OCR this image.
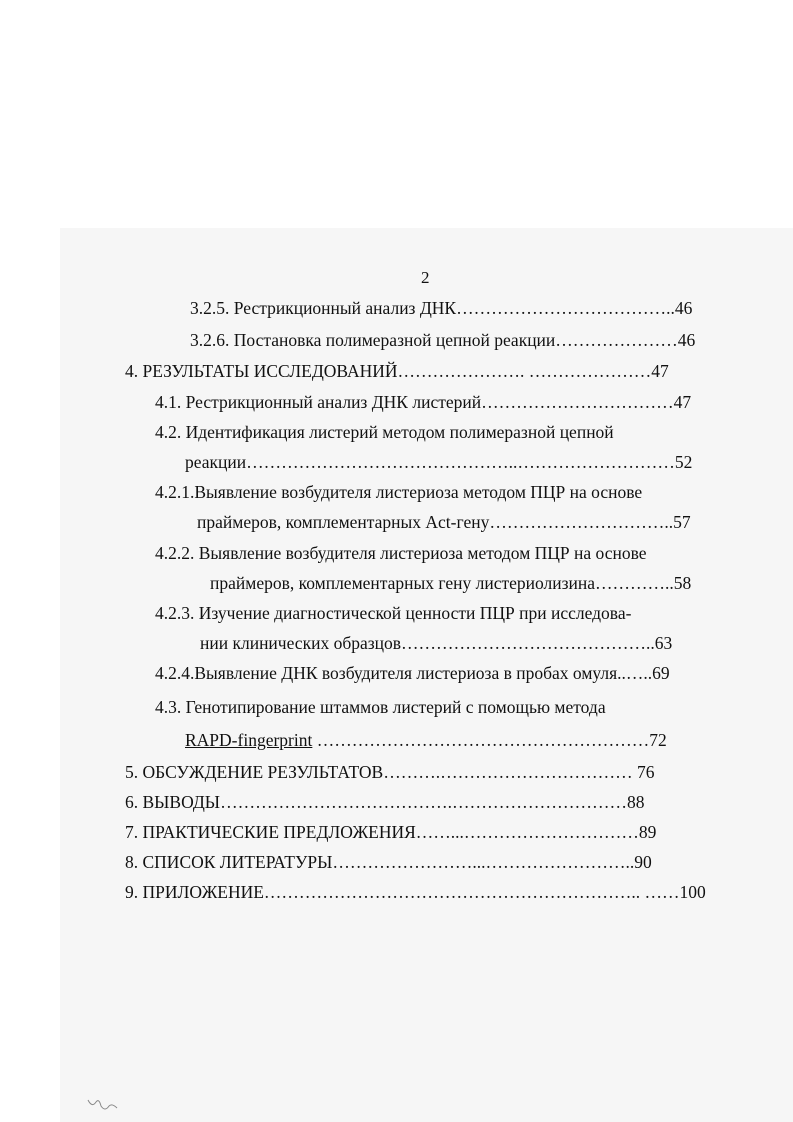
2
3.2.5. Рестрикционный анализ ДНК………………………………..46
3.2.6. Постановка полимеразной цепной реакции…………………46
4. РЕЗУЛЬТАТЫ ИССЛЕДОВАНИЙ…………………. …………………47
4.1. Рестрикционный анализ ДНК листерий……………………………47
4.2. Идентификация листерий методом полимеразной цепной
реакции………………………………………..………………………52
4.2.1.Выявление возбудителя листериоза методом ПЦР на основе
праймеров, комплементарных Act-гену…………………………..57
4.2.2. Выявление возбудителя листериоза методом ПЦР на основе
праймеров, комплементарных гену листериолизина…………..58
4.2.3. Изучение диагностической ценности ПЦР при исследова-
нии клинических образцов……………………………………..63
4.2.4.Выявление ДНК возбудителя листериоза в пробах омуля..…..69
4.3. Генотипирование штаммов листерий с помощью метода
RAPD-fingerprint …………………………………………………72
5. ОБСУЖДЕНИЕ РЕЗУЛЬТАТОВ……….…………………………… 76
6. ВЫВОДЫ………………………………….…………………………88
7. ПРАКТИЧЕСКИЕ ПРЕДЛОЖЕНИЯ……...…………………………89
8. СПИСОК ЛИТЕРАТУРЫ……………………...……………………..90
9. ПРИЛОЖЕНИЕ……………………………………………………….. ……100
